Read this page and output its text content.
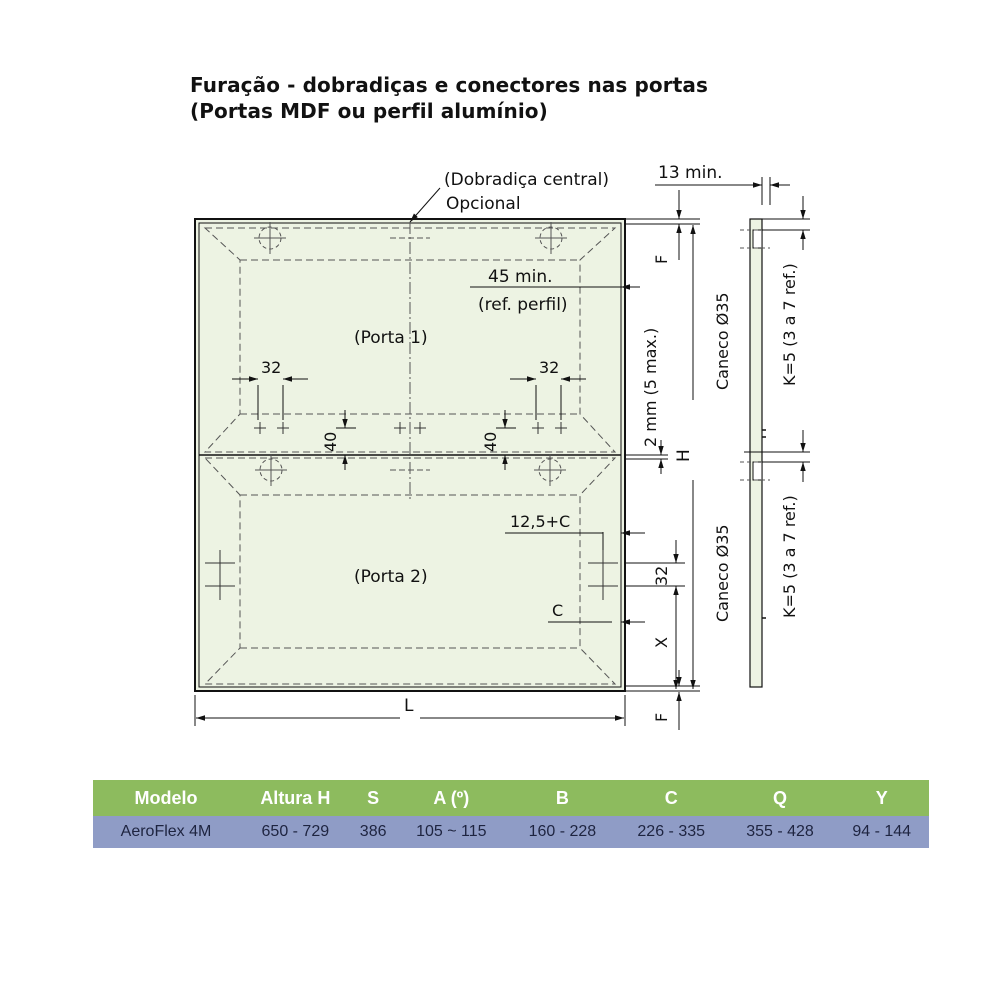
Furação - dobradiças e conectores nas portas
(Portas MDF ou perfil alumínio)
(Dobradiça central)
Opcional
32	32
40	40
45 min.
(ref. perfil)
(Porta 1)
(Porta 2)
2 mm (5 max.)
12,5+C
C
32
X
F
H
F
L
13 min.
K=5 (3 a 7 ref.)
K=5 (3 a 7 ref.)
Caneco Ø35
Caneco Ø35
Modelo	Altura H	S	A (º)	B	C	Q	Y
AeroFlex 4M	650 - 729	386	105 ~ 115	160 - 228	226 - 335	355 - 428	94 - 144
